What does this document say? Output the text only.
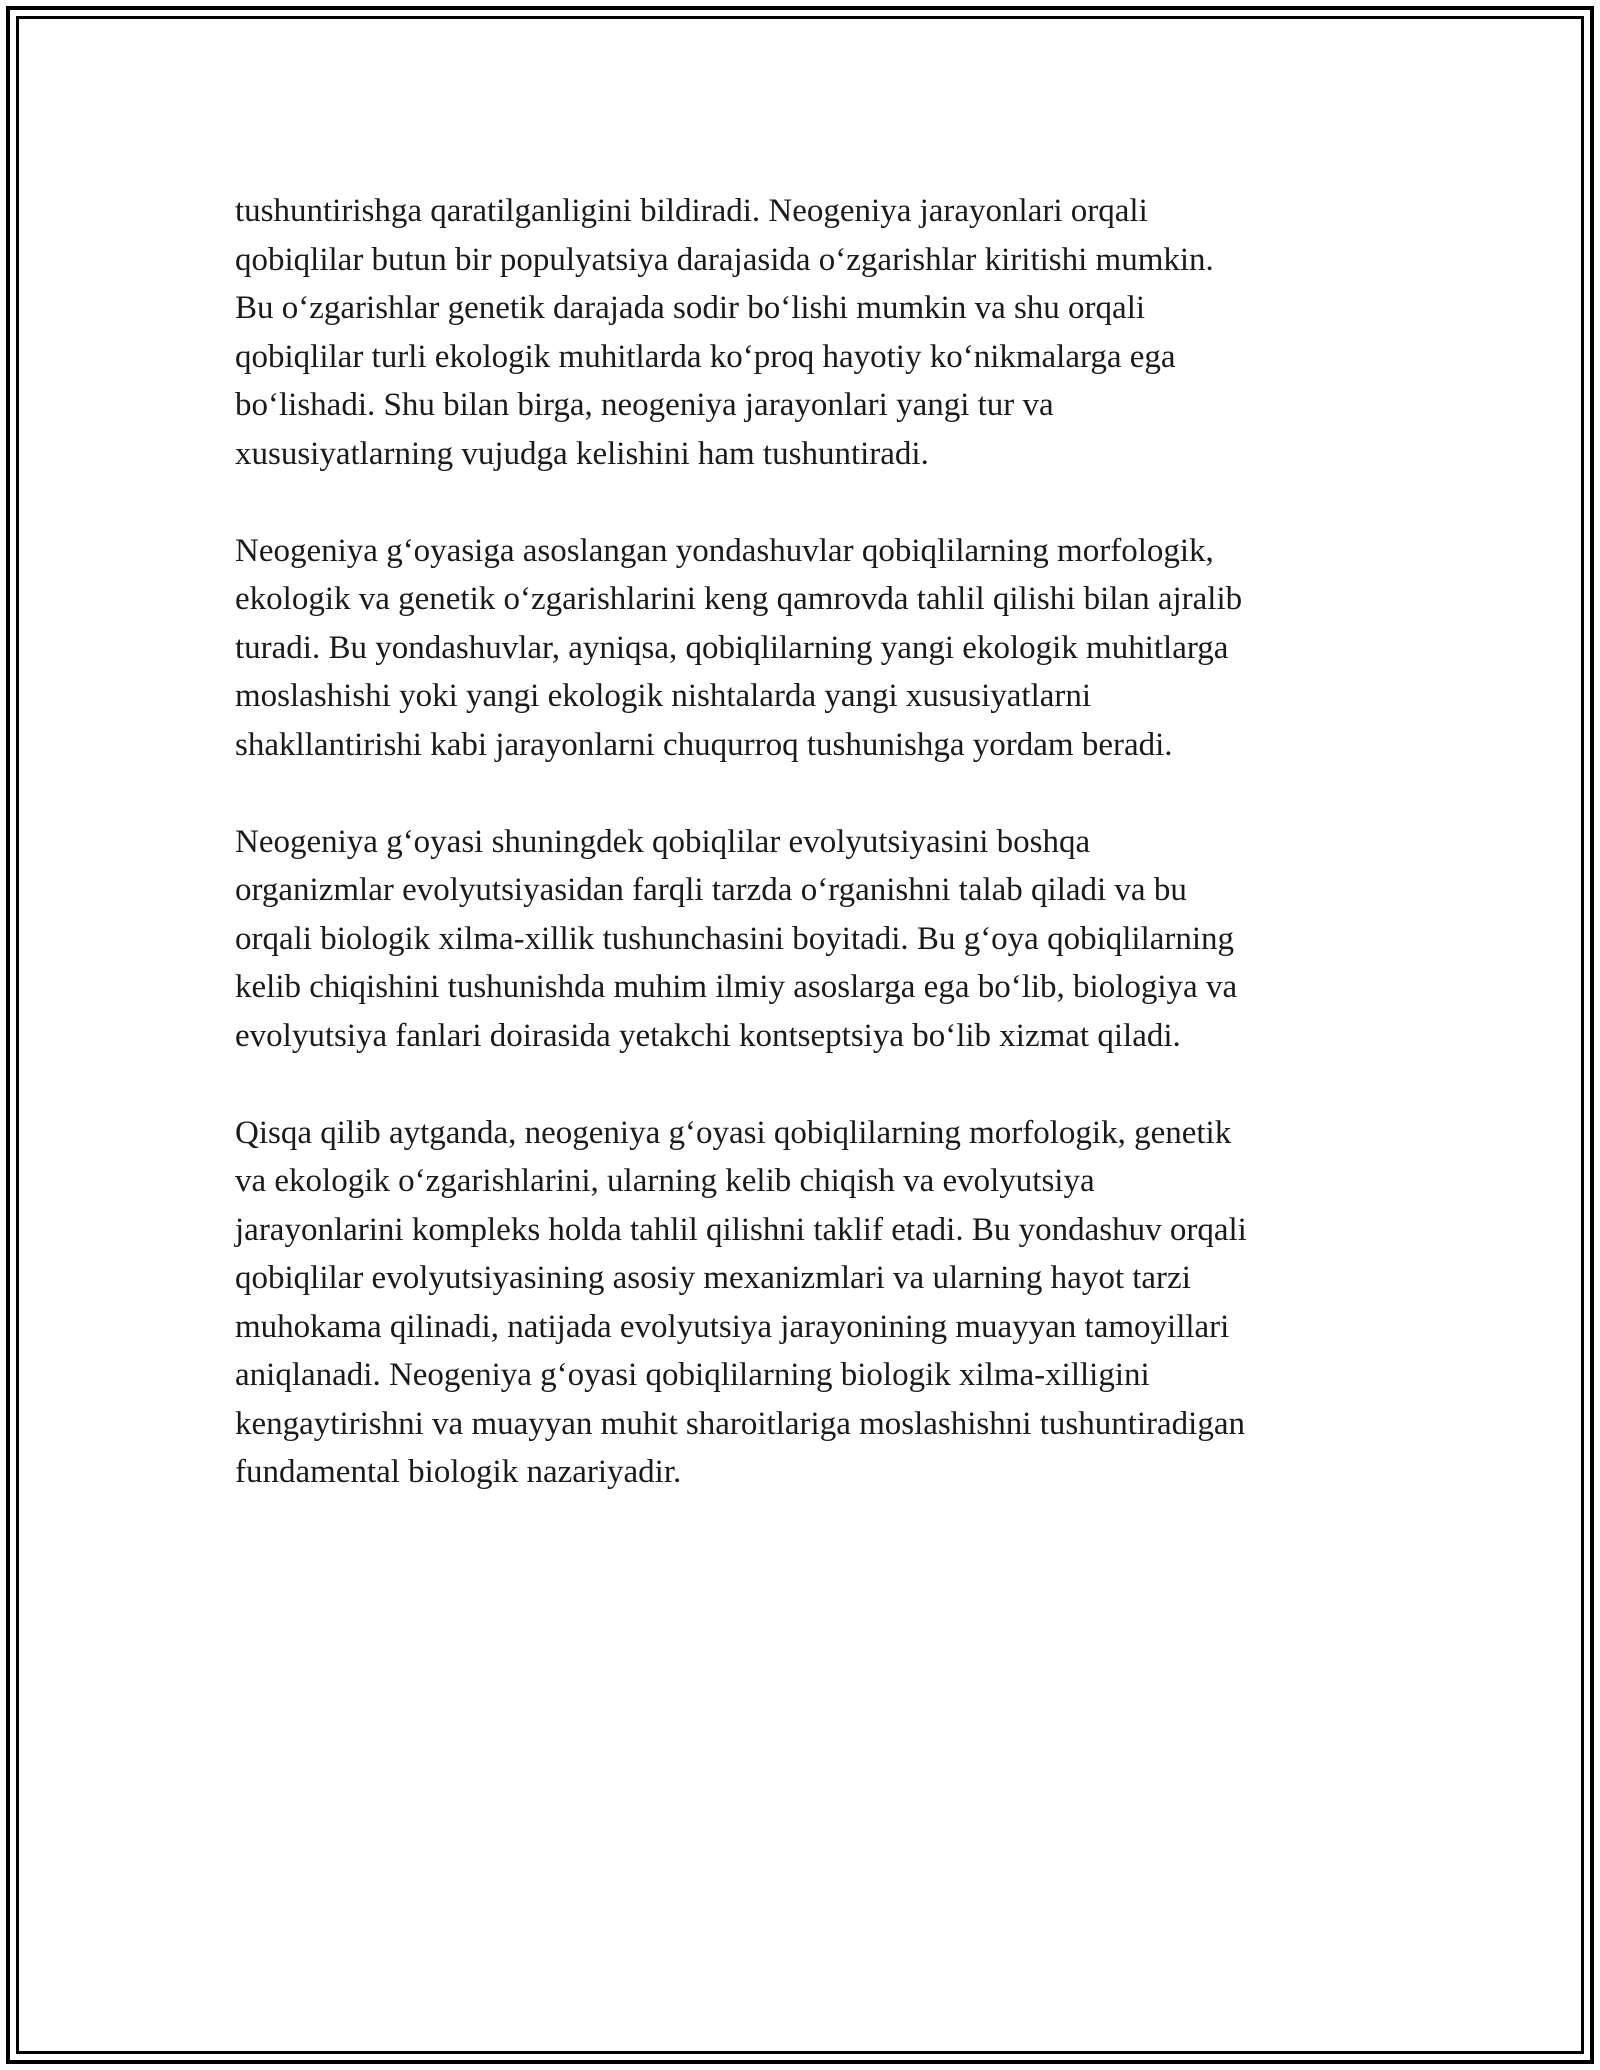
tushuntirishga qaratilganligini bildiradi. Neogeniya jarayonlari orqali
qobiqlilar butun bir populyatsiya darajasida o‘zgarishlar kiritishi mumkin.
Bu o‘zgarishlar genetik darajada sodir bo‘lishi mumkin va shu orqali
qobiqlilar turli ekologik muhitlarda ko‘proq hayotiy ko‘nikmalarga ega
bo‘lishadi. Shu bilan birga, neogeniya jarayonlari yangi tur va
xususiyatlarning vujudga kelishini ham tushuntiradi.

Neogeniya g‘oyasiga asoslangan yondashuvlar qobiqlilarning morfologik,
ekologik va genetik o‘zgarishlarini keng qamrovda tahlil qilishi bilan ajralib
turadi. Bu yondashuvlar, ayniqsa, qobiqlilarning yangi ekologik muhitlarga
moslashishi yoki yangi ekologik nishtalarda yangi xususiyatlarni
shakllantirishi kabi jarayonlarni chuqurroq tushunishga yordam beradi.

Neogeniya g‘oyasi shuningdek qobiqlilar evolyutsiyasini boshqa
organizmlar evolyutsiyasidan farqli tarzda o‘rganishni talab qiladi va bu
orqali biologik xilma-xillik tushunchasini boyitadi. Bu g‘oya qobiqlilarning
kelib chiqishini tushunishda muhim ilmiy asoslarga ega bo‘lib, biologiya va
evolyutsiya fanlari doirasida yetakchi kontseptsiya bo‘lib xizmat qiladi.

Qisqa qilib aytganda, neogeniya g‘oyasi qobiqlilarning morfologik, genetik
va ekologik o‘zgarishlarini, ularning kelib chiqish va evolyutsiya
jarayonlarini kompleks holda tahlil qilishni taklif etadi. Bu yondashuv orqali
qobiqlilar evolyutsiyasining asosiy mexanizmlari va ularning hayot tarzi
muhokama qilinadi, natijada evolyutsiya jarayonining muayyan tamoyillari
aniqlanadi. Neogeniya g‘oyasi qobiqlilarning biologik xilma-xilligini
kengaytirishni va muayyan muhit sharoitlariga moslashishni tushuntiradigan
fundamental biologik nazariyadir.
